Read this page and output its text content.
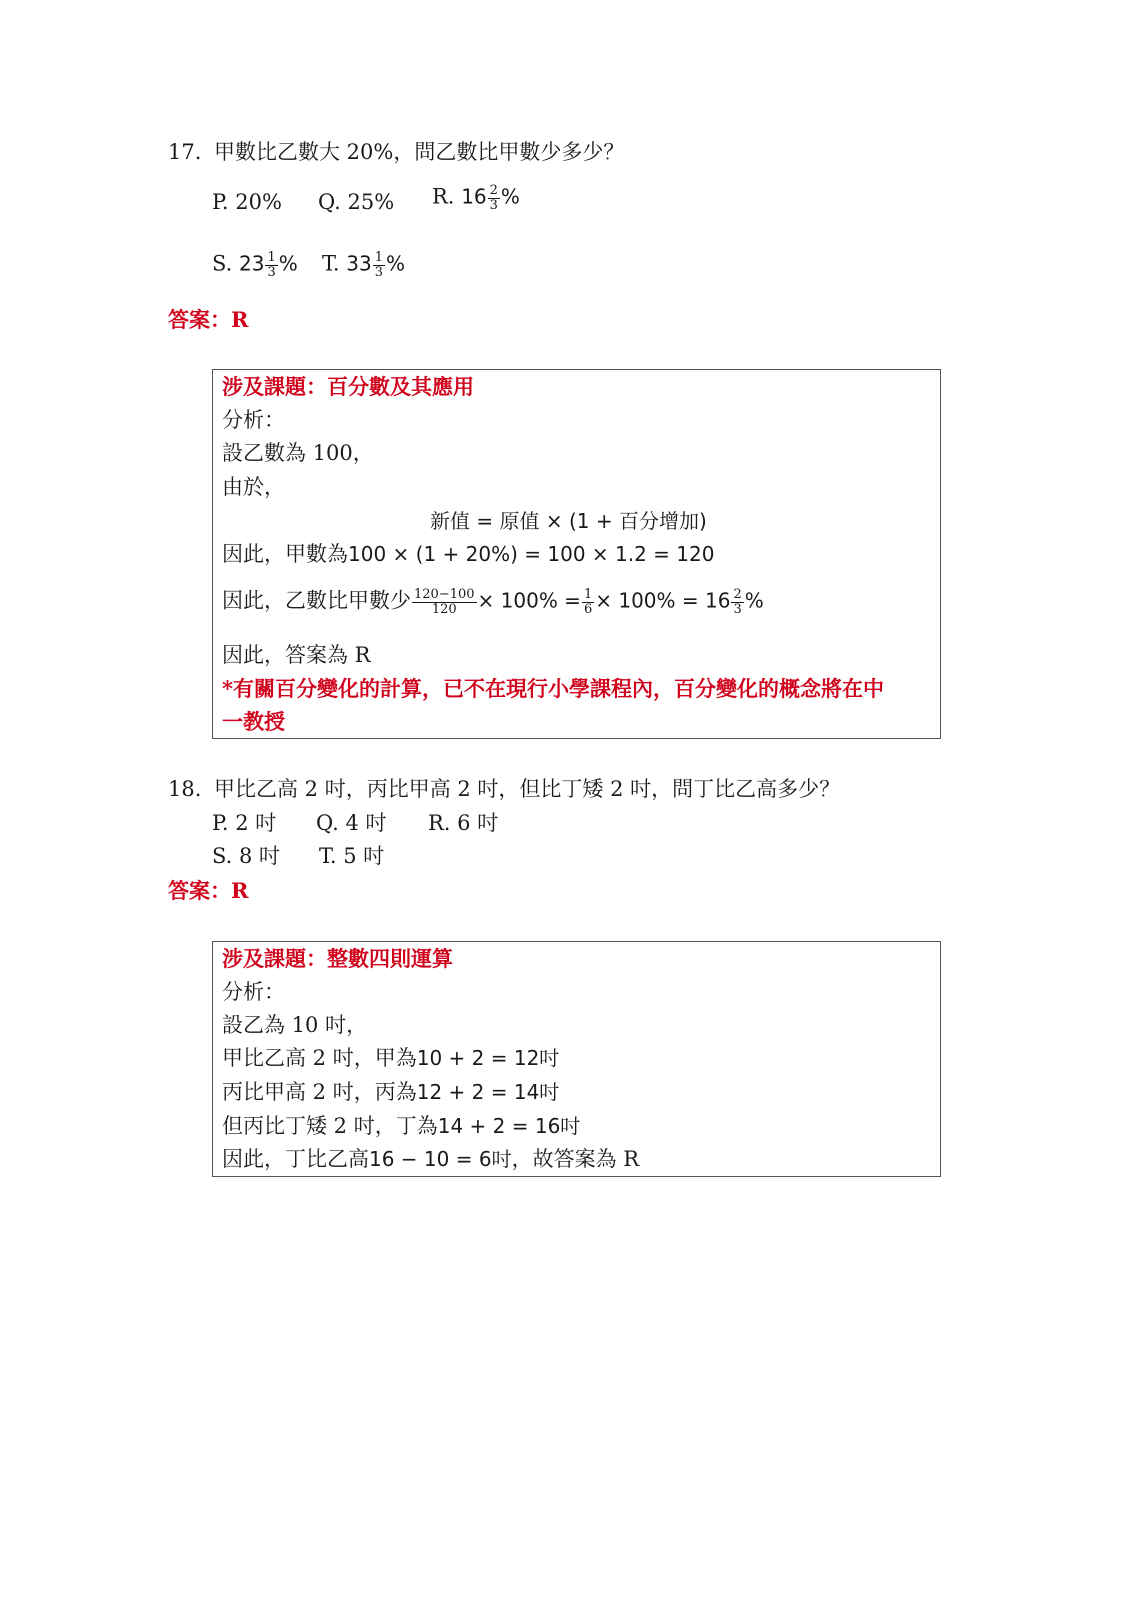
17. 甲數比乙數大 20%，問乙數比甲數少多少？
P. 20% Q. 25% R. $16 \frac{2}{3}$ %
S. $23 \frac{1}{3}$ % T. $33 \frac{1}{3}$ %
答案：R
涉及課題：百分數及其應用
分析：
設乙數為 100，
由於，
新值 = 原值 × (1 + 百分增加)
因此，甲數為100 × (1 + 20%) = 100 × 1.2 = 120
因此，乙數比甲數少 $\frac{120-100}{120} \times 100\% = \frac{1}{6} \times 100\% = 16 \frac{2}{3}$ %
因此，答案為 R
*有關百分變化的計算，已不在現行小學課程內，百分變化的概念將在中
一教授
18. 甲比乙高 2 吋，丙比甲高 2 吋，但比丁矮 2 吋，問丁比乙高多少？
P. 2 吋 Q. 4 吋 R. 6 吋
S. 8 吋 T. 5 吋
答案：R
涉及課題：整數四則運算
分析：
設乙為 10 吋，
甲比乙高 2 吋，甲為10 + 2 = 12吋
丙比甲高 2 吋，丙為12 + 2 = 14吋
但丙比丁矮 2 吋，丁為14 + 2 = 16吋
因此，丁比乙高16 − 10 = 6吋，故答案為 R
